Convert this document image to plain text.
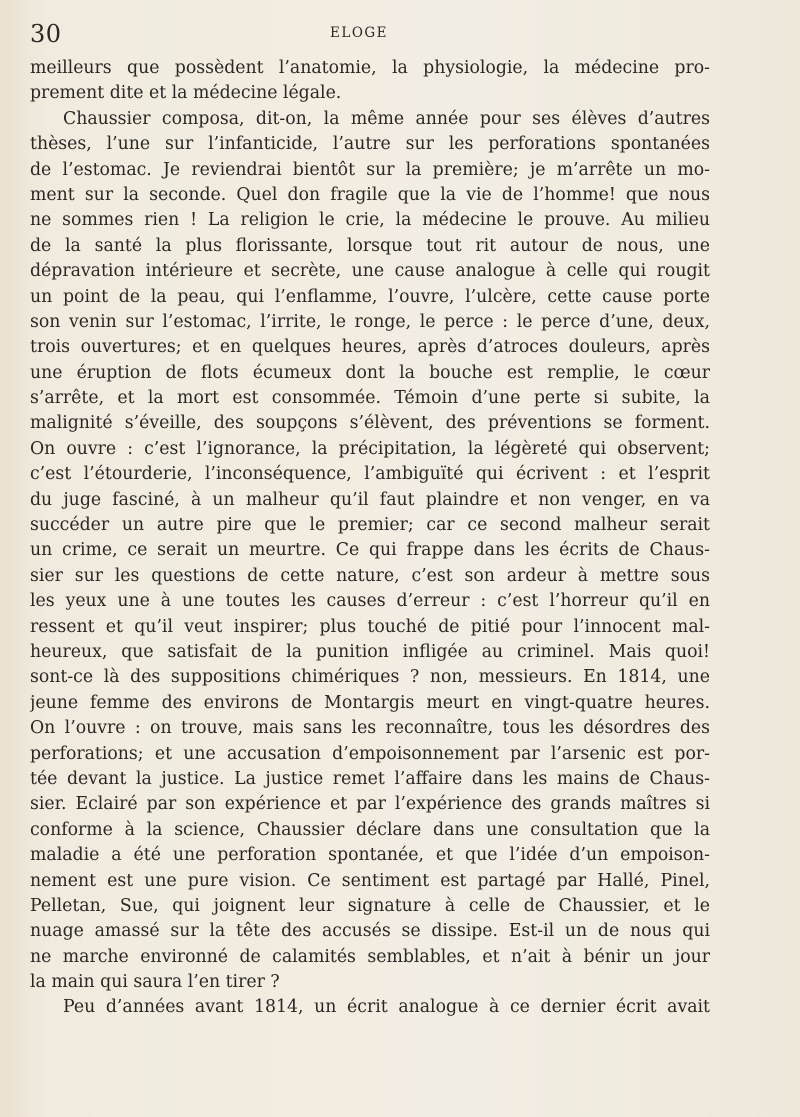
30	ELOGE
meilleurs que possèdent l’anatomie, la physiologie, la médecine pro-
prement dite et la médecine légale.
Chaussier composa, dit-on, la même année pour ses élèves d’autres
thèses, l’une sur l’infanticide, l’autre sur les perforations spontanées
de l’estomac. Je reviendrai bientôt sur la première; je m’arrête un mo-
ment sur la seconde. Quel don fragile que la vie de l’homme! que nous
ne sommes rien ! La religion le crie, la médecine le prouve. Au milieu
de la santé la plus florissante, lorsque tout rit autour de nous, une
dépravation intérieure et secrète, une cause analogue à celle qui rougit
un point de la peau, qui l’enflamme, l’ouvre, l’ulcère, cette cause porte
son venin sur l’estomac, l’irrite, le ronge, le perce : le perce d’une, deux,
trois ouvertures; et en quelques heures, après d’atroces douleurs, après
une éruption de flots écumeux dont la bouche est remplie, le cœur
s’arrête, et la mort est consommée. Témoin d’une perte si subite, la
malignité s’éveille, des soupçons s’élèvent, des préventions se forment.
On ouvre : c’est l’ignorance, la précipitation, la légèreté qui observent;
c’est l’étourderie, l’inconséquence, l’ambiguïté qui écrivent : et l’esprit
du juge fasciné, à un malheur qu’il faut plaindre et non venger, en va
succéder un autre pire que le premier; car ce second malheur serait
un crime, ce serait un meurtre. Ce qui frappe dans les écrits de Chaus-
sier sur les questions de cette nature, c’est son ardeur à mettre sous
les yeux une à une toutes les causes d’erreur : c’est l’horreur qu’il en
ressent et qu’il veut inspirer; plus touché de pitié pour l’innocent mal-
heureux, que satisfait de la punition infligée au criminel. Mais quoi!
sont-ce là des suppositions chimériques ? non, messieurs. En 1814, une
jeune femme des environs de Montargis meurt en vingt-quatre heures.
On l’ouvre : on trouve, mais sans les reconnaître, tous les désordres des
perforations; et une accusation d’empoisonnement par l’arsenic est por-
tée devant la justice. La justice remet l’affaire dans les mains de Chaus-
sier. Eclairé par son expérience et par l’expérience des grands maîtres si
conforme à la science, Chaussier déclare dans une consultation que la
maladie a été une perforation spontanée, et que l’idée d’un empoison-
nement est une pure vision. Ce sentiment est partagé par Hallé, Pinel,
Pelletan, Sue, qui joignent leur signature à celle de Chaussier, et le
nuage amassé sur la tête des accusés se dissipe. Est-il un de nous qui
ne marche environné de calamités semblables, et n’ait à bénir un jour
la main qui saura l’en tirer ?
Peu d’années avant 1814, un écrit analogue à ce dernier écrit avait
